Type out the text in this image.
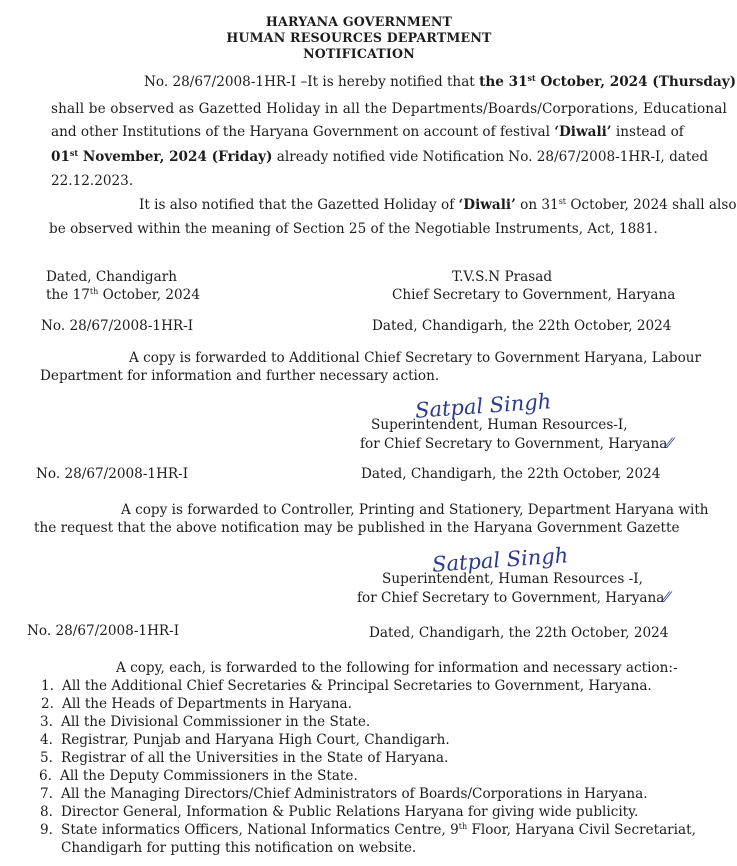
HARYANA GOVERNMENT
HUMAN RESOURCES DEPARTMENT
NOTIFICATION
No. 28/67/2008-1HR-I –It is hereby notified that the 31st October, 2024 (Thursday)
shall be observed as Gazetted Holiday in all the Departments/Boards/Corporations, Educational
and other Institutions of the Haryana Government on account of festival ‘Diwali’ instead of
01st November, 2024 (Friday) already notified vide Notification No. 28/67/2008-1HR-I, dated
22.12.2023.
It is also notified that the Gazetted Holiday of ‘Diwali’ on 31st October, 2024 shall also
be observed within the meaning of Section 25 of the Negotiable Instruments, Act, 1881.
Dated, Chandigarh
the 17th October, 2024
T.V.S.N Prasad
Chief Secretary to Government, Haryana
No. 28/67/2008-1HR-I	Dated, Chandigarh, the 22th October, 2024
A copy is forwarded to Additional Chief Secretary to Government Haryana, Labour
Department for information and further necessary action.
Satpal Singh
Superintendent, Human Resources-I,
for Chief Secretary to Government, Haryana⁄⁄
No. 28/67/2008-1HR-I	Dated, Chandigarh, the 22th October, 2024
A copy is forwarded to Controller, Printing and Stationery, Department Haryana with
the request that the above notification may be published in the Haryana Government Gazette
Satpal Singh
Superintendent, Human Resources -I,
for Chief Secretary to Government, Haryana⁄⁄
No. 28/67/2008-1HR-I	Dated, Chandigarh, the 22th October, 2024
A copy, each, is forwarded to the following for information and necessary action:-
1. All the Additional Chief Secretaries & Principal Secretaries to Government, Haryana.
2. All the Heads of Departments in Haryana.
3. All the Divisional Commissioner in the State.
4. Registrar, Punjab and Haryana High Court, Chandigarh.
5. Registrar of all the Universities in the State of Haryana.
6. All the Deputy Commissioners in the State.
7. All the Managing Directors/Chief Administrators of Boards/Corporations in Haryana.
8. Director General, Information & Public Relations Haryana for giving wide publicity.
9. State informatics Officers, National Informatics Centre, 9th Floor, Haryana Civil Secretariat,
Chandigarh for putting this notification on website.
